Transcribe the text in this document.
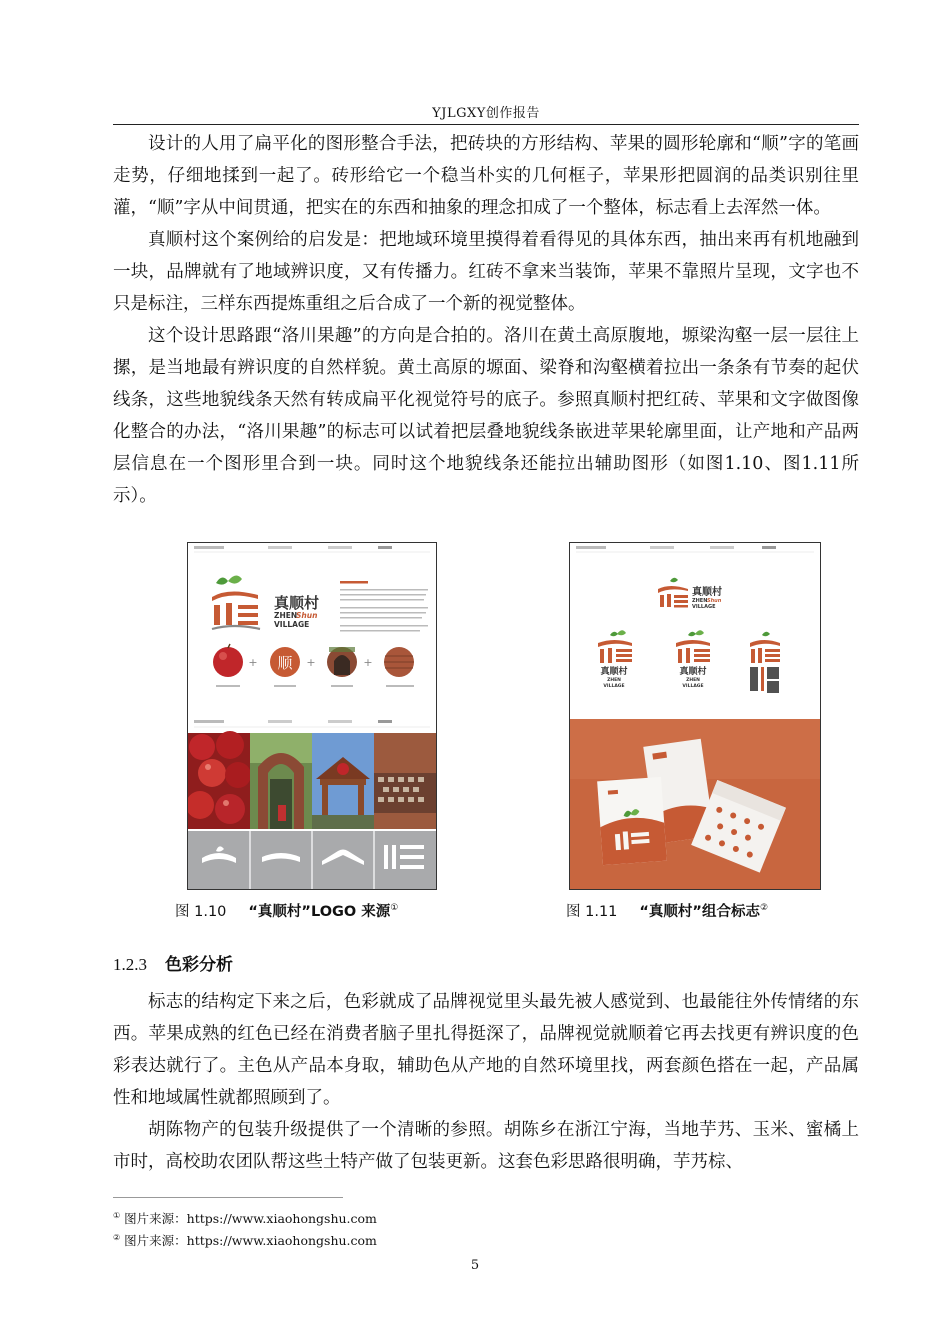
YJLGXY创作报告

设计的人用了扁平化的图形整合手法，把砖块的方形结构、苹果的圆形轮廓和“顺”字的笔画走势，仔细地揉到一起了。砖形给它一个稳当朴实的几何框子，苹果形把圆润的品类识别往里灌，“顺”字从中间贯通，把实在的东西和抽象的理念扣成了一个整体，标志看上去浑然一体。

真顺村这个案例给的启发是：把地域环境里摸得着看得见的具体东西，抽出来再有机地融到一块，品牌就有了地域辨识度，又有传播力。红砖不拿来当装饰，苹果不靠照片呈现，文字也不只是标注，三样东西提炼重组之后合成了一个新的视觉整体。

这个设计思路跟“洛川果趣”的方向是合拍的。洛川在黄土高原腹地，塬梁沟壑一层一层往上摞，是当地最有辨识度的自然样貌。黄土高原的塬面、梁脊和沟壑横着拉出一条条有节奏的起伏线条，这些地貌线条天然有转成扁平化视觉符号的底子。参照真顺村把红砖、苹果和文字做图像化整合的办法，“洛川果趣”的标志可以试着把层叠地貌线条嵌进苹果轮廓里面，让产地和产品两层信息在一个图形里合到一块。同时这个地貌线条还能拉出辅助图形（如图1.10、图1.11所示）。

真顺村
ZHEN
Shun
VILLAGE
+ 顺 +	+
真顺村
ZHEN Shun
VILLAGE
真顺村
ZHEN
VILLAGE
真顺村
ZHEN
VILLAGE
图 1.10 “真顺村”LOGO 来源①	图 1.11 “真顺村”组合标志②
1.2.3 色彩分析

标志的结构定下来之后，色彩就成了品牌视觉里头最先被人感觉到、也最能往外传情绪的东西。苹果成熟的红色已经在消费者脑子里扎得挺深了，品牌视觉就顺着它再去找更有辨识度的色彩表达就行了。主色从产品本身取，辅助色从产地的自然环境里找，两套颜色搭在一起，产品属性和地域属性就都照顾到了。

胡陈物产的包装升级提供了一个清晰的参照。胡陈乡在浙江宁海，当地芋艿、玉米、蜜橘上市时，高校助农团队帮这些土特产做了包装更新。这套色彩思路很明确，芋艿棕、

① 图片来源：https://www.xiaohongshu.com
② 图片来源：https://www.xiaohongshu.com
5
